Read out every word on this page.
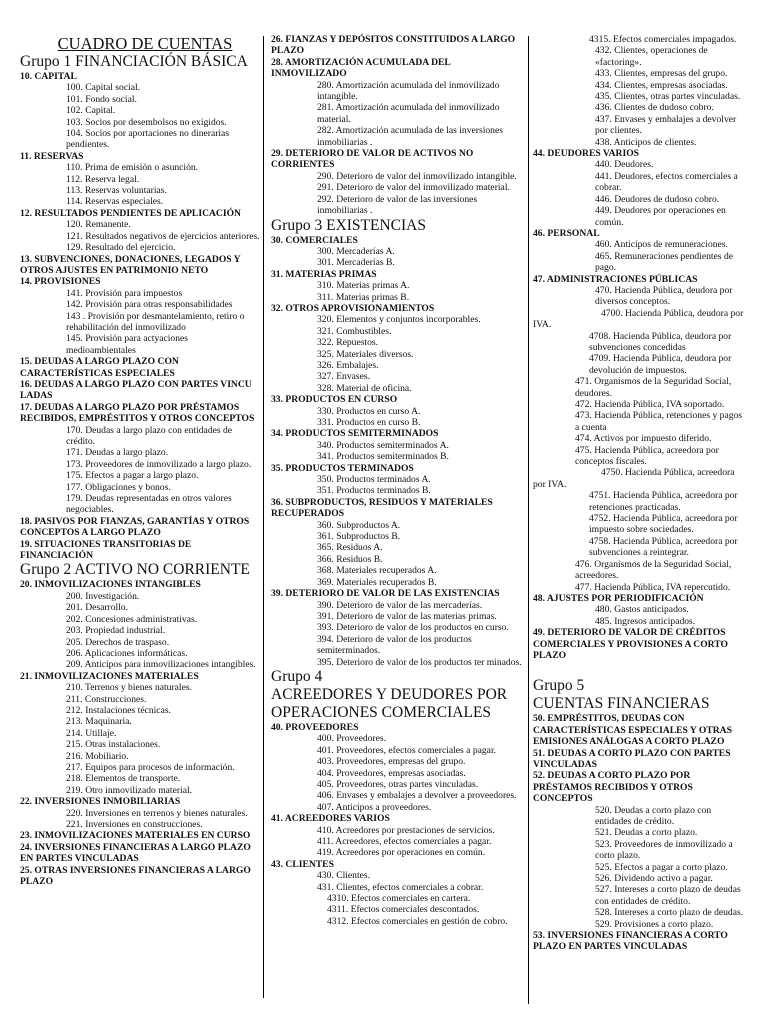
CUADRO DE CUENTAS
Grupo 1 FINANCIACIÓN BÁSICA
10. CAPITAL
100. Capital social.
101. Fondo social.
102. Capital.
103. Socios por desembolsos no exigidos.
104. Socios por aportaciones no dinerarias pendientes.
11. RESERVAS
110. Prima de emisión o asunción.
112. Reserva legal.
113. Reservas voluntarias.
114. Reservas especiales.
12. RESULTADOS PENDIENTES DE APLICACIÓN
120. Remanente.
121. Resultados negativos de ejercicios anteriores.
129. Resultado del ejercicio.
13. SUBVENCIONES, DONACIONES, LEGADOS Y OTROS AJUSTES EN PATRIMONIO NETO
14. PROVISIONES
141. Provisión para impuestos
142. Provisión para otras responsabilidades
143 . Provisión por desmantelamiento, retiro o rehabilitación del inmovilizado
145. Provisión para actyaciones medioambientales
15. DEUDAS A LARGO PLAZO CON CARACTERÍSTICAS ESPECIALES
16. DEUDAS A LARGO PLAZO CON PARTES VINCU LADAS
17. DEUDAS A LARGO PLAZO POR PRÉSTAMOS RECIBIDOS, EMPRÉSTITOS Y OTROS CONCEPTOS
170. Deudas a largo plazo con entidades de crédito.
171. Deudas a largo plazo.
173. Proveedores de inmovilizado a largo plazo.
175. Efectos a pagar a largo plazo.
177. Obligaciones y bonos.
179. Deudas representadas en otros valores negociables.
18. PASIVOS POR FIANZAS, GARANTÍAS Y OTROS CONCEPTOS A LARGO PLAZO
19. SITUACIONES TRANSITORIAS DE FINANCIACIÓN
Grupo 2 ACTIVO NO CORRIENTE
20. INMOVILIZACIONES INTANGIBLES
200. Investigación.
201. Desarrollo.
202. Concesiones administrativas.
203. Propiedad industrial.
205. Derechos de traspaso.
206. Aplicaciones informáticas.
209. Anticipos para inmovilizaciones intangibles.
21. INMOVILIZACIONES MATERIALES
210. Terrenos y bienes naturales.
211. Construcciones.
212. Instalaciones técnicas.
213. Maquinaria.
214. Utillaje.
215. Otras instalaciones.
216. Mobiliario.
217. Equipos para procesos de información.
218. Elementos de transporte.
219. Otro inmovilizado material.
22. INVERSIONES INMOBILIARIAS
220. Inversiones en terrenos y bienes naturales.
221. Inversiones en construcciones.
23. INMOVILIZACIONES MATERIALES EN CURSO
24. INVERSIONES FINANCIERAS A LARGO PLAZO EN PARTES VINCULADAS
25. OTRAS INVERSIONES FINANCIERAS A LARGO PLAZO
26. FIANZAS Y DEPÓSITOS CONSTITUIDOS A LARGO PLAZO
28. AMORTIZACIÓN ACUMULADA DEL INMOVILIZADO
280. Amortización acumulada del inmovilizado intangible.
281. Amortización acumulada del inmovilizado material.
282. Amortización acumulada de las inversiones inmobiliarias .
29. DETERIORO DE VALOR DE ACTIVOS NO CORRIENTES
290. Deterioro de valor del inmovilizado intangible.
291. Deterioro de valor del inmovilizado material.
292. Deterioro de valor de las inversiones inmobiliarias .
Grupo 3 EXISTENCIAS
30. COMERCIALES
300. Mercaderías A.
301. Mercaderías B.
31. MATERIAS PRIMAS
310. Materias primas A.
311. Materias primas B.
32. OTROS APROVISIONAMIENTOS
320. Elementos y conjuntos incorporables.
321. Combustibles.
322. Repuestos.
325. Materiales diversos.
326. Embalajes.
327. Envases.
328. Material de oficina.
33. PRODUCTOS EN CURSO
330. Productos en curso A.
331. Productos en curso B.
34. PRODUCTOS SEMITERMINADOS
340. Productos semiterminados A.
341. Productos semiterminados B.
35. PRODUCTOS TERMINADOS
350. Productos terminados A.
351. Productos terminados B.
36. SUBPRODUCTOS, RESIDUOS Y MATERIALES RECUPERADOS
360. Subproductos A.
361. Subproductos B.
365. Residuos A.
366. Residuos B.
368. Materiales recuperados A.
369. Materiales recuperados B.
39. DETERIORO DE VALOR DE LAS EXISTENCIAS
390. Deterioro de valor de las mercaderías.
391. Deterioro de valor de las materias primas.
393. Deterioro de valor de los productos en curso.
394. Deterioro de valor de los productos semiterminados.
395. Deterioro de valor de los productos ter minados.
Grupo 4
ACREEDORES Y DEUDORES POR OPERACIONES COMERCIALES
40. PROVEEDORES
400. Proveedores.
401. Proveedores, efectos comerciales a pagar.
403. Proveedores, empresas del grupo.
404. Proveedores, empresas asociadas.
405. Proveedores, otras partes vinculadas.
406. Envases y embalajes a devolver a proveedores.
407. Anticipos a proveedores.
41. ACREEDORES VARIOS
410. Acreedores por prestaciones de servicios.
411. Acreedores, efectos comerciales a pagar.
419. Acreedores por operaciones en común.
43. CLIENTES
430. Clientes.
431. Clientes, efectos comerciales a cobrar.
4310. Efectos comerciales en cartera.
4311. Efectos comerciales descontados.
4312. Efectos comerciales en gestión de cobro.
4315. Efectos comerciales impagados.
432. Clientes, operaciones de «factoring».
433. Clientes, empresas del grupo.
434. Clientes, empresas asociadas.
435. Clientes, otras partes vinculadas.
436. Clientes de dudoso cobro.
437. Envases y embalajes a devolver por clientes.
438. Anticipos de clientes.
44. DEUDORES VARIOS
440. Deudores.
441. Deudores, efectos comerciales a cobrar.
446. Deudores de dudoso cobro.
449. Deudores por operaciones en común.
46. PERSONAL
460. Anticipos de remuneraciones.
465. Remuneraciones pendientes de pago.
47. ADMINISTRACIONES PÚBLICAS
470. Hacienda Pública, deudora por diversos conceptos.
4700. Hacienda Pública, deudora por IVA.
4708. Hacienda Pública, deudora por subvenciones concedidas
4709. Hacienda Pública, deudora por devolución de impuestos.
471. Organismos de la Seguridad Social, deudores.
472. Hacienda Pública, IVA soportado.
473. Hacienda Pública, retenciones y pagos a cuenta
474. Activos por impuesto diferido.
475. Hacienda Pública, acreedora por conceptos fiscales.
4750. Hacienda Pública, acreedora por IVA.
4751. Hacienda Pública, acreedora por retenciones practicadas.
4752. Hacienda Pública, acreedora por impuesto sobre sociedades.
4758. Hacienda Pública, acreedora por subvenciones a reintegrar.
476. Organismos de la Seguridad Social, acreedores.
477. Hacienda Pública, IVA repercutido.
48. AJUSTES POR PERIODIFICACIÓN
480. Gastos anticipados.
485. Ingresos anticipados.
49. DETERIORO DE VALOR DE CRÉDITOS COMERCIALES Y PROVISIONES A CORTO PLAZO
Grupo 5
CUENTAS FINANCIERAS
50. EMPRÉSTITOS, DEUDAS CON CARACTERÍSTICAS ESPECIALES Y OTRAS EMISIONES ANÁLOGAS A CORTO PLAZO
51. DEUDAS A CORTO PLAZO CON PARTES VINCULADAS
52. DEUDAS A CORTO PLAZO POR PRÉSTAMOS RECIBIDOS Y OTROS CONCEPTOS
520. Deudas a corto plazo con entidades de crédito.
521. Deudas a corto plazo.
523. Proveedores de inmovilizado a corto plazo.
525. Efectos a pagar a corto plazo.
526. Dividendo activo a pagar.
527. Intereses a corto plazo de deudas con entidades de crédito.
528. Intereses a corto plazo de deudas.
529. Provisiones a corto plazo.
53. INVERSIONES FINANCIERAS A CORTO PLAZO EN PARTES VINCULADAS
